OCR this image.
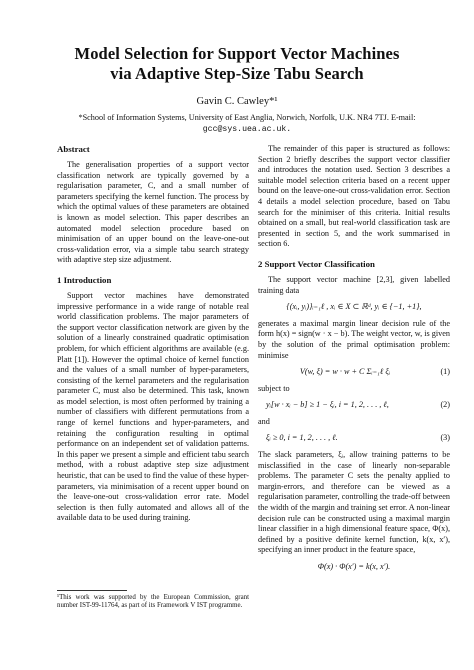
Model Selection for Support Vector Machines
via Adaptive Step-Size Tabu Search
Gavin C. Cawley*¹
*School of Information Systems, University of East Anglia, Norwich, Norfolk, U.K. NR4 7TJ. E-mail:
gcc@sys.uea.ac.uk.
Abstract

The generalisation properties of a support vector classification network are typically governed by a regularisation parameter, C, and a small number of parameters specifying the kernel function. The process by which the optimal values of these parameters are obtained is known as model selection. This paper describes an automated model selection procedure based on minimisation of an upper bound on the leave-one-out cross-validation error, via a simple tabu search strategy with adaptive step size adjustment.

1 Introduction

Support vector machines have demonstrated impressive performance in a wide range of notable real world classification problems. The major parameters of the support vector classification network are given by the solution of a linearly constrained quadratic optimisation problem, for which efficient algorithms are available (e.g. Platt [1]). However the optimal choice of kernel function and the values of a small number of hyper-parameters, consisting of the kernel parameters and the regularisation parameter C, must also be determined. This task, known as model selection, is most often performed by training a number of classifiers with different permutations from a range of kernel functions and hyper-parameters, and retaining the configuration resulting in optimal performance on an independent set of validation patterns. In this paper we present a simple and efficient tabu search method, with a robust adaptive step size adjustment heuristic, that can be used to find the value of these hyper-parameters, via minimisation of a recent upper bound on the leave-one-out cross-validation error rate. Model selection is then fully automated and allows all of the available data to be used during training.

The remainder of this paper is structured as follows: Section 2 briefly describes the support vector classifier and introduces the notation used. Section 3 describes a suitable model selection criteria based on a recent upper bound on the leave-one-out cross-validation error. Section 4 details a model selection procedure, based on Tabu search for the minimiser of this criteria. Initial results obtained on a small, but real-world classification task are presented in section 5, and the work summarised in section 6.

2 Support Vector Classification

The support vector machine [2,3], given labelled training data

{(xᵢ, yᵢ)}ᵢ₌₁ℓ , xᵢ ∈ X ⊂ ℝᵈ, yᵢ ∈ {−1, +1},

generates a maximal margin linear decision rule of the form h(x) = sign(w · x − b). The weight vector, w, is given by the solution of the primal optimisation problem: minimise

V(w, ξ) = w · w + C Σᵢ₌₁ℓ ξᵢ	(1)

subject to

yᵢ[w · xᵢ − b] ≥ 1 − ξᵢ, i = 1, 2, . . . , ℓ,	(2)

and

ξᵢ ≥ 0, i = 1, 2, . . . , ℓ.	(3)

The slack parameters, ξᵢ, allow training patterns to be misclassified in the case of linearly non-separable problems. The parameter C sets the penalty applied to margin-errors, and therefore can be viewed as a regularisation parameter, controlling the trade-off between the width of the margin and training set error. A non-linear decision rule can be constructed using a maximal margin linear classifier in a high dimensional feature space, Φ(x), defined by a positive definite kernel function, k(x, x′), specifying an inner product in the feature space,

Φ(x) · Φ(x′) = k(x, x′).
¹This work was supported by the European Commission, grant number IST-99-11764, as part of its Framework V IST programme.
